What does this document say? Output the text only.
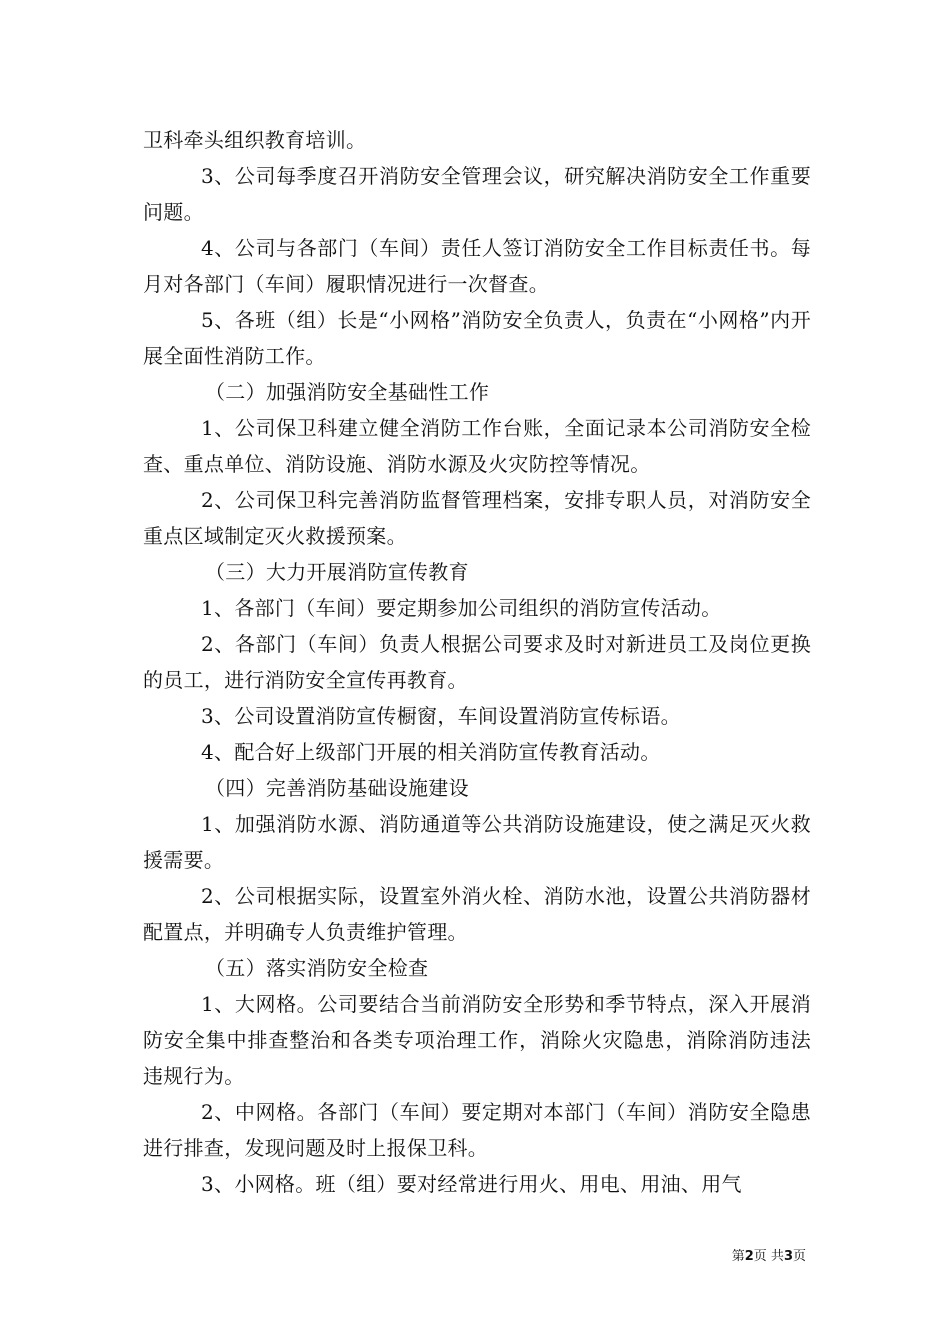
卫科牵头组织教育培训。

3、公司每季度召开消防安全管理会议，研究解决消防安全工作重要问题。

4、公司与各部门（车间）责任人签订消防安全工作目标责任书。每月对各部门（车间）履职情况进行一次督查。

5、各班（组）长是“小网格”消防安全负责人，负责在“小网格”内开展全面性消防工作。

（二）加强消防安全基础性工作

1、公司保卫科建立健全消防工作台账，全面记录本公司消防安全检查、重点单位、消防设施、消防水源及火灾防控等情况。

2、公司保卫科完善消防监督管理档案，安排专职人员，对消防安全重点区域制定灭火救援预案。

（三）大力开展消防宣传教育

1、各部门（车间）要定期参加公司组织的消防宣传活动。

2、各部门（车间）负责人根据公司要求及时对新进员工及岗位更换的员工，进行消防安全宣传再教育。

3、公司设置消防宣传橱窗，车间设置消防宣传标语。

4、配合好上级部门开展的相关消防宣传教育活动。

（四）完善消防基础设施建设

1、加强消防水源、消防通道等公共消防设施建设，使之满足灭火救援需要。

2、公司根据实际，设置室外消火栓、消防水池，设置公共消防器材配置点，并明确专人负责维护管理。

（五）落实消防安全检查

1、大网格。公司要结合当前消防安全形势和季节特点，深入开展消防安全集中排查整治和各类专项治理工作，消除火灾隐患，消除消防违法违规行为。

2、中网格。各部门（车间）要定期对本部门（车间）消防安全隐患进行排查，发现问题及时上报保卫科。

3、小网格。班（组）要对经常进行用火、用电、用油、用气

第2页 共3页
